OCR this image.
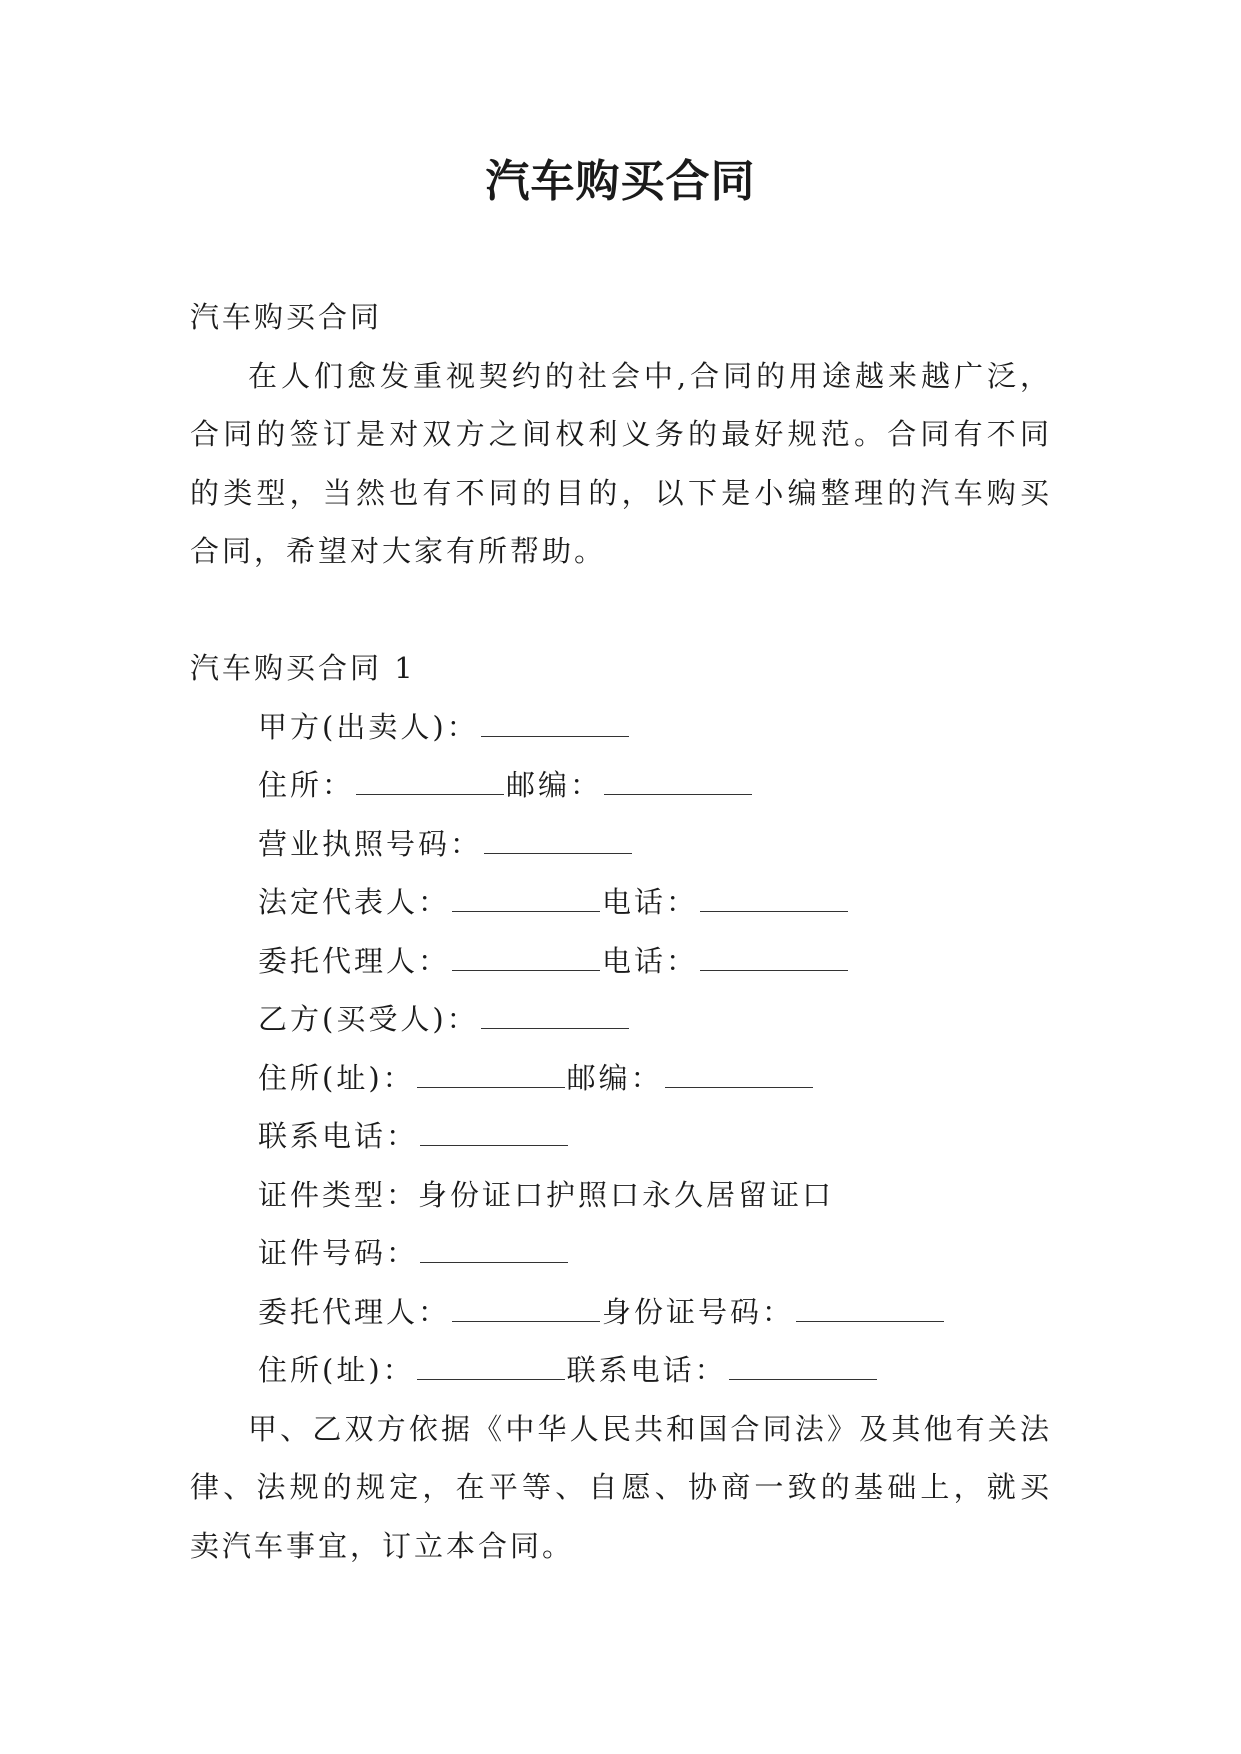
汽车购买合同

汽车购买合同

在人们愈发重视契约的社会中,合同的用途越来越广泛，合同的签订是对双方之间权利义务的最好规范。合同有不同的类型，当然也有不同的目的，以下是小编整理的汽车购买合同，希望对大家有所帮助。

汽车购买合同 1

甲方(出卖人)：

住所：	邮编：

营业执照号码：

法定代表人：	电话：

委托代理人：	电话：

乙方(买受人)：

住所(址)：	邮编：

联系电话：

证件类型：身份证口护照口永久居留证口

证件号码：

委托代理人：	身份证号码：

住所(址)：	联系电话：

甲、乙双方依据《中华人民共和国合同法》及其他有关法律、法规的规定，在平等、自愿、协商一致的基础上，就买卖汽车事宜，订立本合同。
